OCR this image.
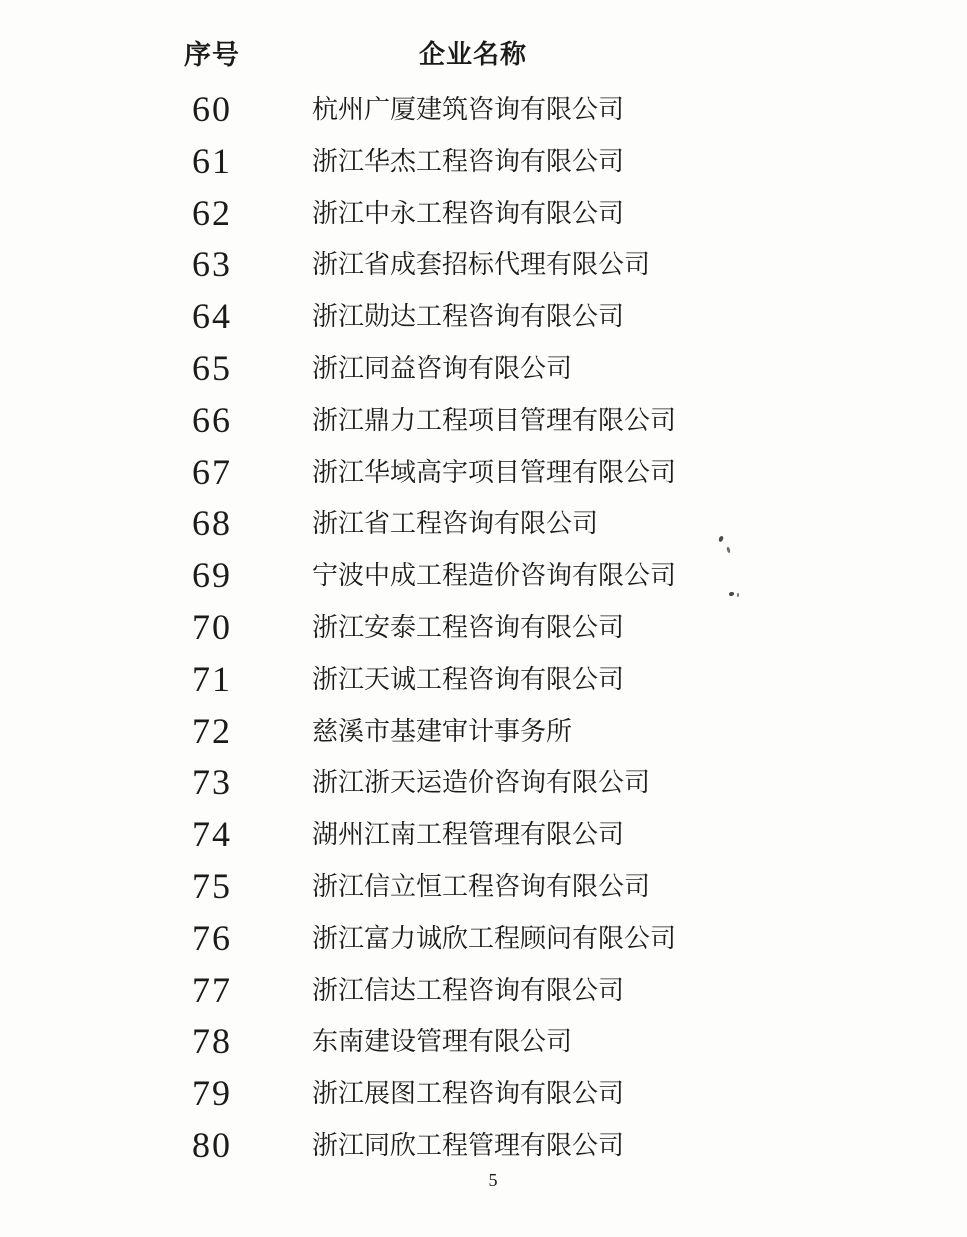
序号	企业名称
60	杭州广厦建筑咨询有限公司
61	浙江华杰工程咨询有限公司
62	浙江中永工程咨询有限公司
63	浙江省成套招标代理有限公司
64	浙江勋达工程咨询有限公司
65	浙江同益咨询有限公司
66	浙江鼎力工程项目管理有限公司
67	浙江华域高宇项目管理有限公司
68	浙江省工程咨询有限公司
69	宁波中成工程造价咨询有限公司
70	浙江安泰工程咨询有限公司
71	浙江天诚工程咨询有限公司
72	慈溪市基建审计事务所
73	浙江浙天运造价咨询有限公司
74	湖州江南工程管理有限公司
75	浙江信立恒工程咨询有限公司
76	浙江富力诚欣工程顾问有限公司
77	浙江信达工程咨询有限公司
78	东南建设管理有限公司
79	浙江展图工程咨询有限公司
80	浙江同欣工程管理有限公司
5
